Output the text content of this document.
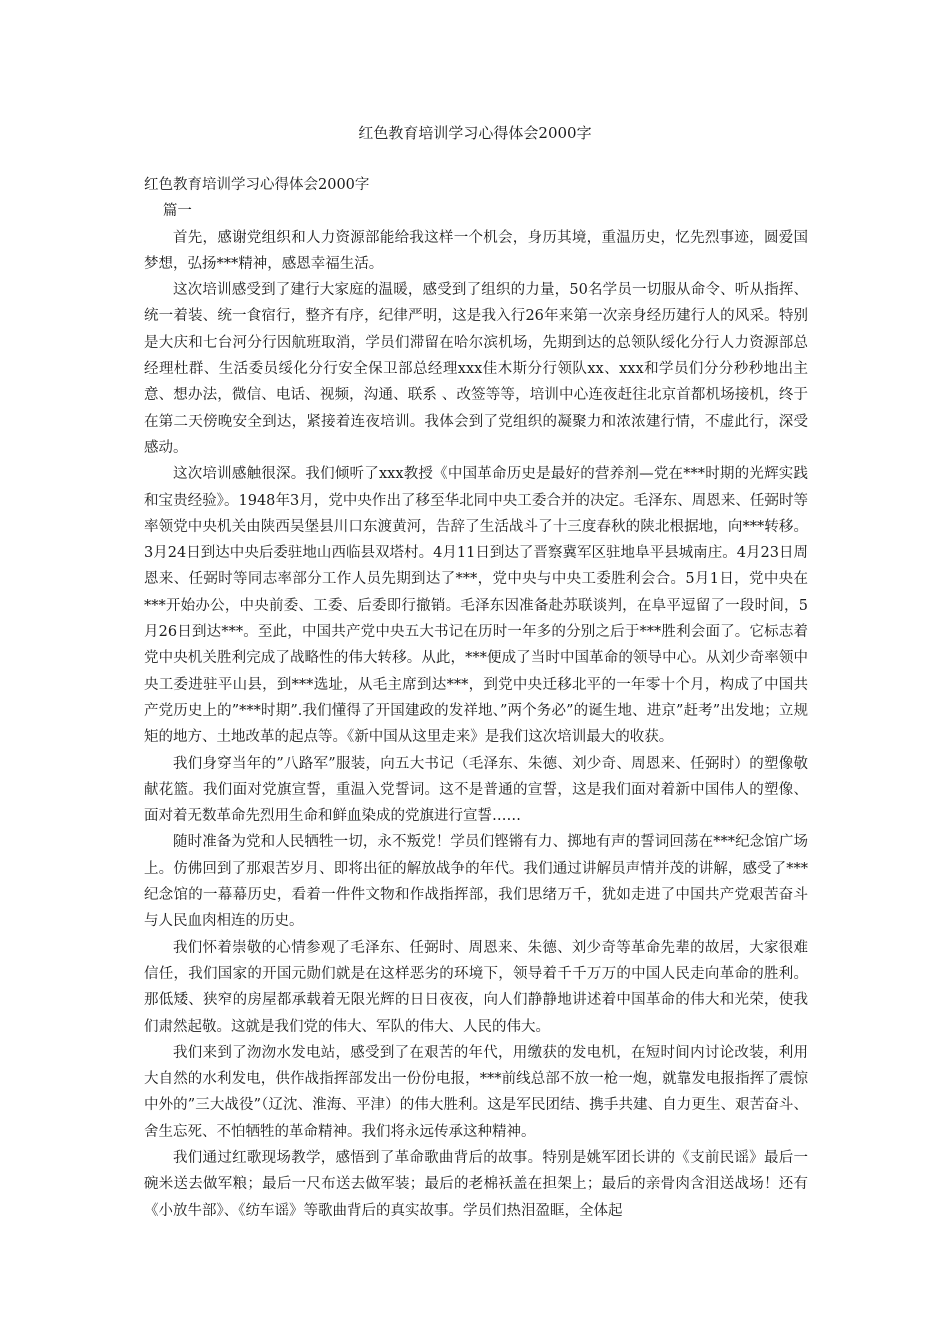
红色教育培训学习心得体会2000字

红色教育培训学习心得体会2000字

篇一

首先，感谢党组织和人力资源部能给我这样一个机会，身历其境，重温历史，忆先烈事迹，圆爱国梦想，弘扬***精神，感恩幸福生活。

这次培训感受到了建行大家庭的温暖，感受到了组织的力量，50名学员一切服从命令、听从指挥、统一着装、统一食宿行，整齐有序，纪律严明，这是我入行26年来第一次亲身经历建行人的风采。特别是大庆和七台河分行因航班取消，学员们滞留在哈尔滨机场，先期到达的总领队绥化分行人力资源部总经理杜群、生活委员绥化分行安全保卫部总经理xxx佳木斯分行领队xx、xxx和学员们分分秒秒地出主意、想办法，微信、电话、视频，沟通、联系 、改签等等，培训中心连夜赶往北京首都机场接机，终于在第二天傍晚安全到达，紧接着连夜培训。我体会到了党组织的凝聚力和浓浓建行情，不虚此行，深受感动。

这次培训感触很深。我们倾听了xxx教授《中国革命历史是最好的营养剂—党在***时期的光辉实践和宝贵经验》。1948年3月，党中央作出了移至华北同中央工委合并的决定。毛泽东、周恩来、任弼时等率领党中央机关由陕西吴堡县川口东渡黄河，告辞了生活战斗了十三度春秋的陕北根据地，向***转移。3月24日到达中央后委驻地山西临县双塔村。4月11日到达了晋察冀军区驻地阜平县城南庄。4月23日周恩来、任弼时等同志率部分工作人员先期到达了***，党中央与中央工委胜利会合。5月1日，党中央在***开始办公，中央前委、工委、后委即行撤销。毛泽东因准备赴苏联谈判，在阜平逗留了一段时间，5月26日到达***。至此，中国共产党中央五大书记在历时一年多的分别之后于***胜利会面了。它标志着党中央机关胜利完成了战略性的伟大转移。从此，***便成了当时中国革命的领导中心。从刘少奇率领中央工委进驻平山县，到***选址，从毛主席到达***，到党中央迁移北平的一年零十个月，构成了中国共产党历史上的”***时期”.我们懂得了开国建政的发祥地、”两个务必”的诞生地、进京”赶考”出发地；立规矩的地方、土地改革的起点等。《新中国从这里走来》是我们这次培训最大的收获。

我们身穿当年的”八路军”服装，向五大书记（毛泽东、朱德、刘少奇、周恩来、任弼时）的塑像敬献花篮。我们面对党旗宣誓，重温入党誓词。这不是普通的宣誓，这是我们面对着新中国伟人的塑像、面对着无数革命先烈用生命和鲜血染成的党旗进行宣誓……

随时准备为党和人民牺牲一切，永不叛党！学员们铿锵有力、掷地有声的誓词回荡在***纪念馆广场上。仿佛回到了那艰苦岁月、即将出征的解放战争的年代。我们通过讲解员声情并茂的讲解，感受了***纪念馆的一幕幕历史，看着一件件文物和作战指挥部，我们思绪万千，犹如走进了中国共产党艰苦奋斗与人民血肉相连的历史。

我们怀着崇敬的心情参观了毛泽东、任弼时、周恩来、朱德、刘少奇等革命先辈的故居，大家很难信任，我们国家的开国元勋们就是在这样恶劣的环境下，领导着千千万万的中国人民走向革命的胜利。那低矮、狭窄的房屋都承载着无限光辉的日日夜夜，向人们静静地讲述着中国革命的伟大和光荣，使我们肃然起敬。这就是我们党的伟大、军队的伟大、人民的伟大。

我们来到了沕沕水发电站，感受到了在艰苦的年代，用缴获的发电机，在短时间内讨论改装，利用大自然的水利发电，供作战指挥部发出一份份电报，***前线总部不放一枪一炮，就靠发电报指挥了震惊中外的”三大战役”（辽沈、淮海、平津）的伟大胜利。这是军民团结、携手共建、自力更生、艰苦奋斗、舍生忘死、不怕牺牲的革命精神。我们将永远传承这种精神。

我们通过红歌现场教学，感悟到了革命歌曲背后的故事。特别是姚军团长讲的《支前民谣》最后一碗米送去做军粮；最后一尺布送去做军装；最后的老棉袄盖在担架上；最后的亲骨肉含泪送战场！还有《小放牛部》、《纺车谣》等歌曲背后的真实故事。学员们热泪盈眶，全体起
